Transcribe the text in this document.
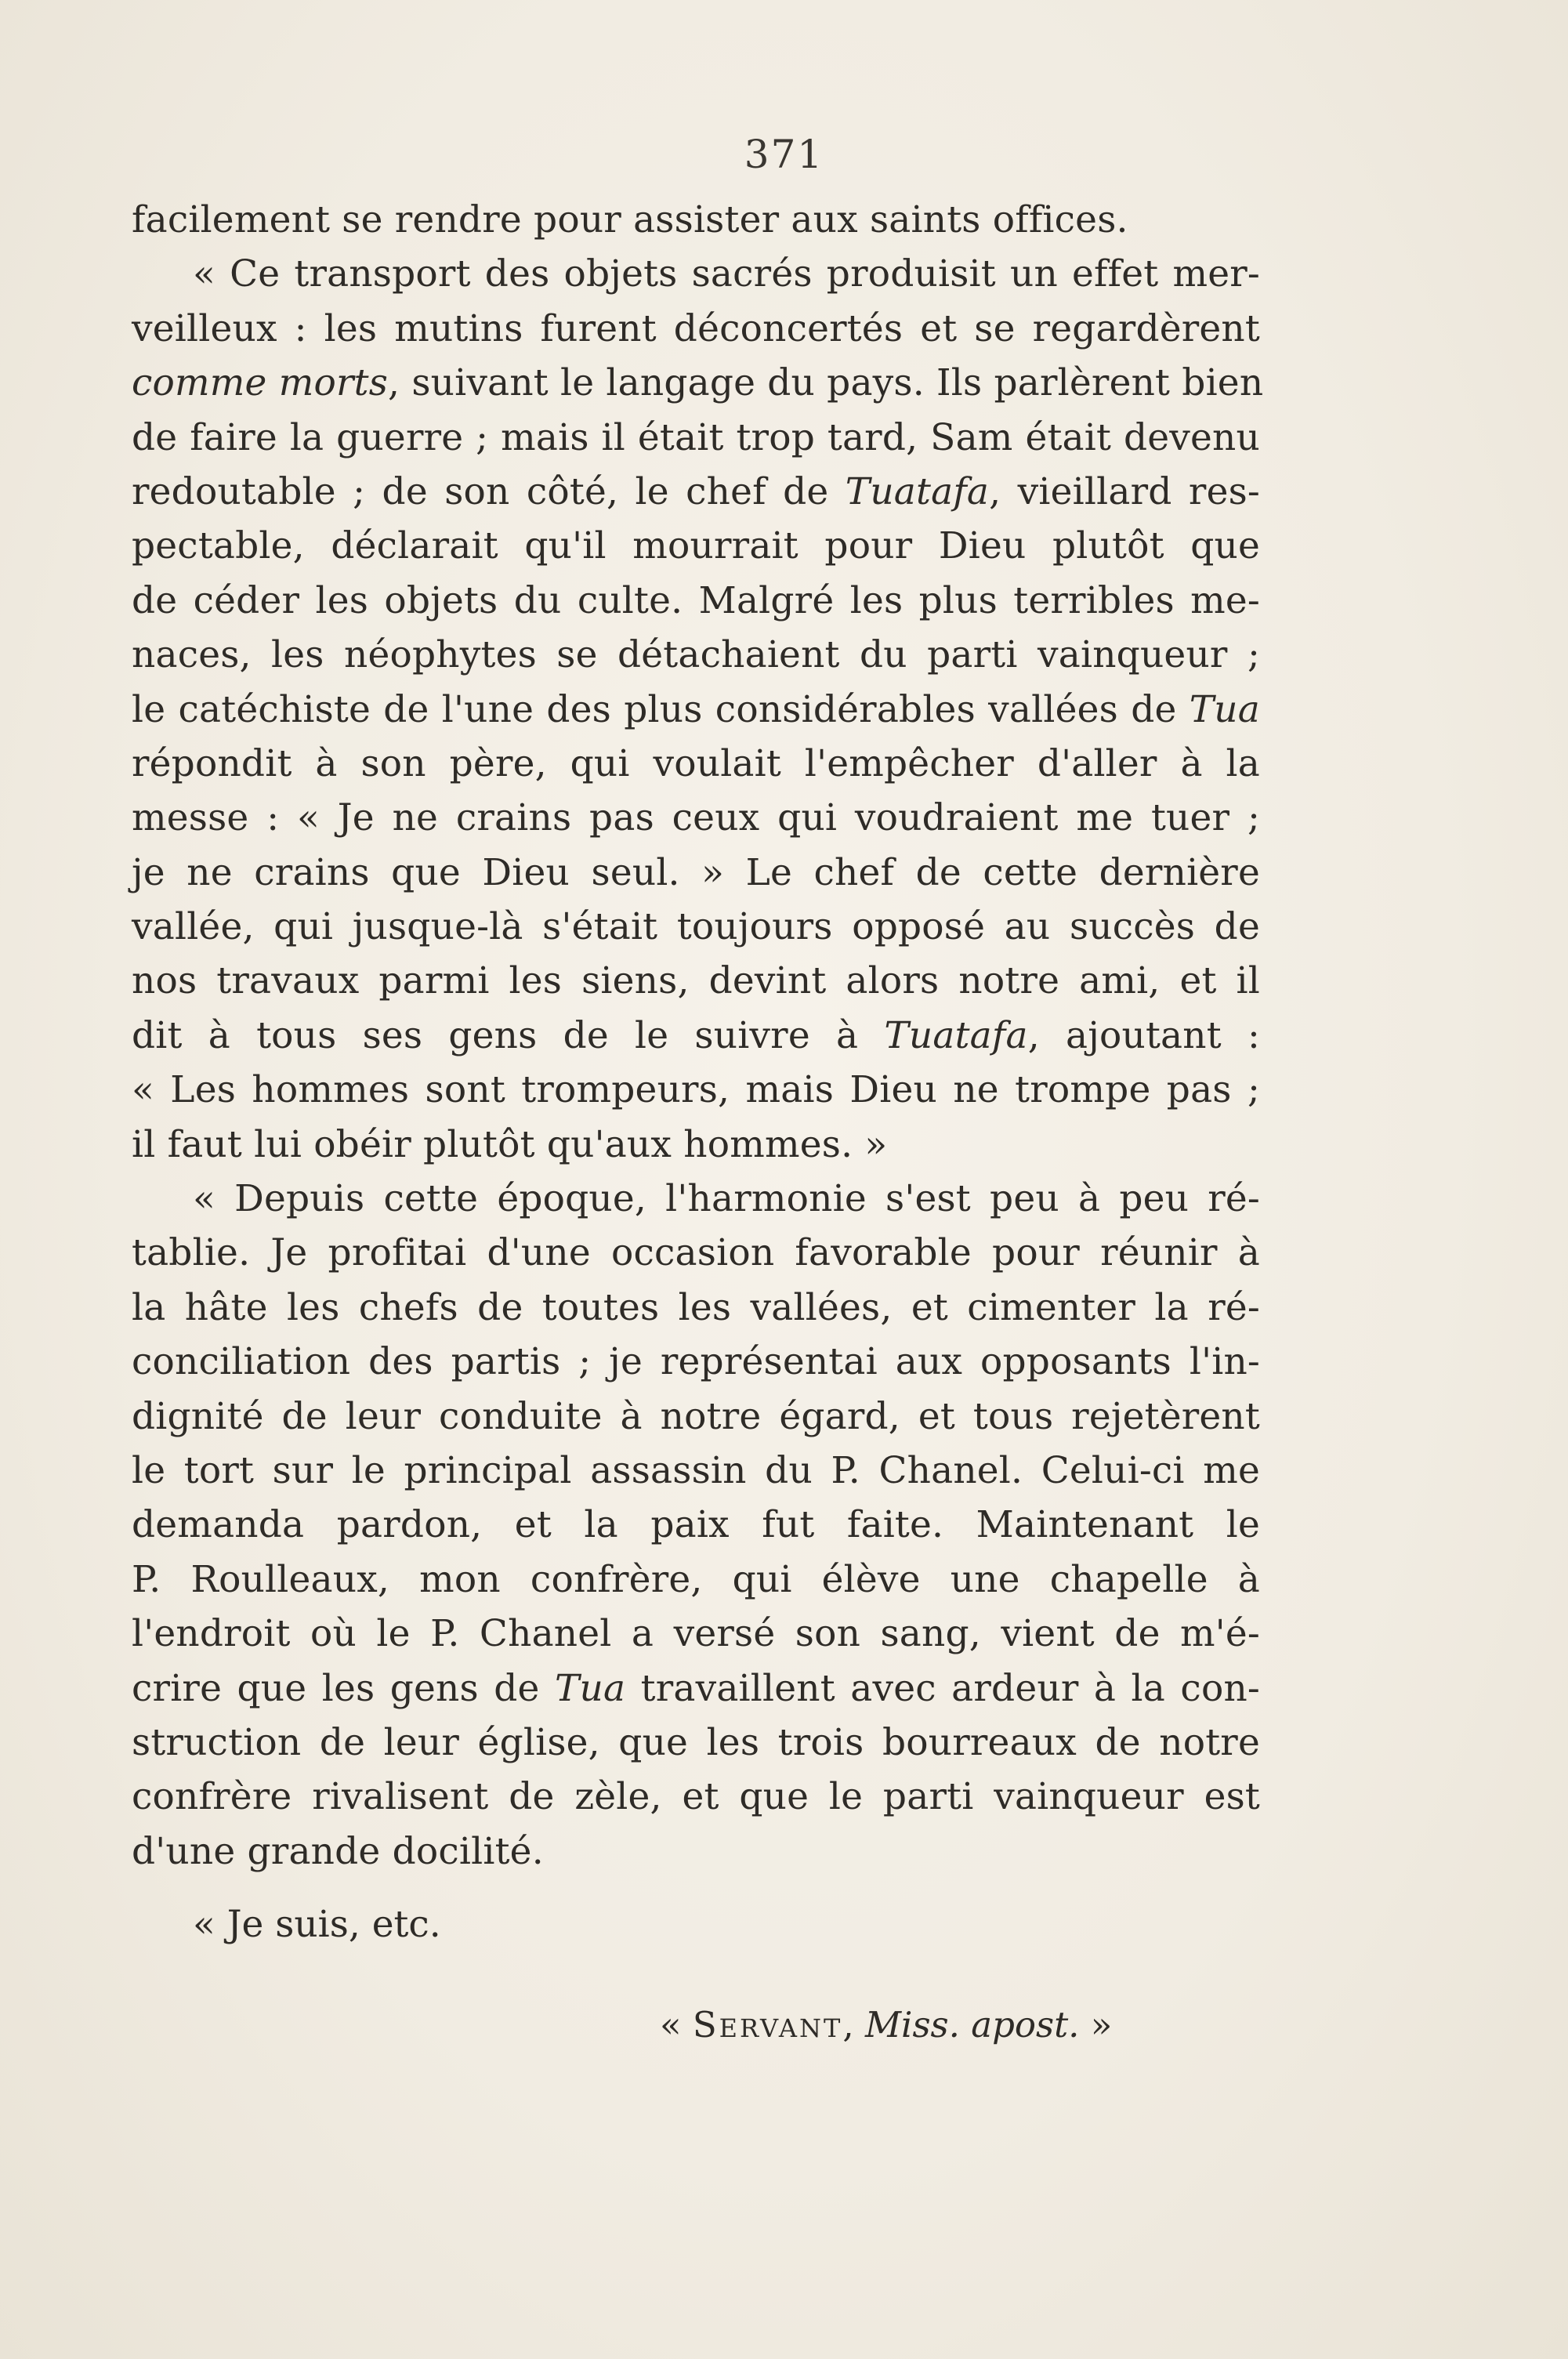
371
facilement se rendre pour assister aux saints offices.
« Ce transport des objets sacrés produisit un effet mer-
veilleux : les mutins furent déconcertés et se regardèrent
comme morts, suivant le langage du pays. Ils parlèrent bien
de faire la guerre ; mais il était trop tard, Sam était devenu
redoutable ; de son côté, le chef de Tuatafa, vieillard res-
pectable, déclarait qu'il mourrait pour Dieu plutôt que
de céder les objets du culte. Malgré les plus terribles me-
naces, les néophytes se détachaient du parti vainqueur ;
le catéchiste de l'une des plus considérables vallées de Tua
répondit à son père, qui voulait l'empêcher d'aller à la
messe : « Je ne crains pas ceux qui voudraient me tuer ;
je ne crains que Dieu seul. » Le chef de cette dernière
vallée, qui jusque-là s'était toujours opposé au succès de
nos travaux parmi les siens, devint alors notre ami, et il
dit à tous ses gens de le suivre à Tuatafa, ajoutant :
« Les hommes sont trompeurs, mais Dieu ne trompe pas ;
il faut lui obéir plutôt qu'aux hommes. »
« Depuis cette époque, l'harmonie s'est peu à peu ré-
tablie. Je profitai d'une occasion favorable pour réunir à
la hâte les chefs de toutes les vallées, et cimenter la ré-
conciliation des partis ; je représentai aux opposants l'in-
dignité de leur conduite à notre égard, et tous rejetèrent
le tort sur le principal assassin du P. Chanel. Celui-ci me
demanda pardon, et la paix fut faite. Maintenant le
P. Roulleaux, mon confrère, qui élève une chapelle à
l'endroit où le P. Chanel a versé son sang, vient de m'é-
crire que les gens de Tua travaillent avec ardeur à la con-
struction de leur église, que les trois bourreaux de notre
confrère rivalisent de zèle, et que le parti vainqueur est
d'une grande docilité.
« Je suis, etc.
« Servant, Miss. apost. »
